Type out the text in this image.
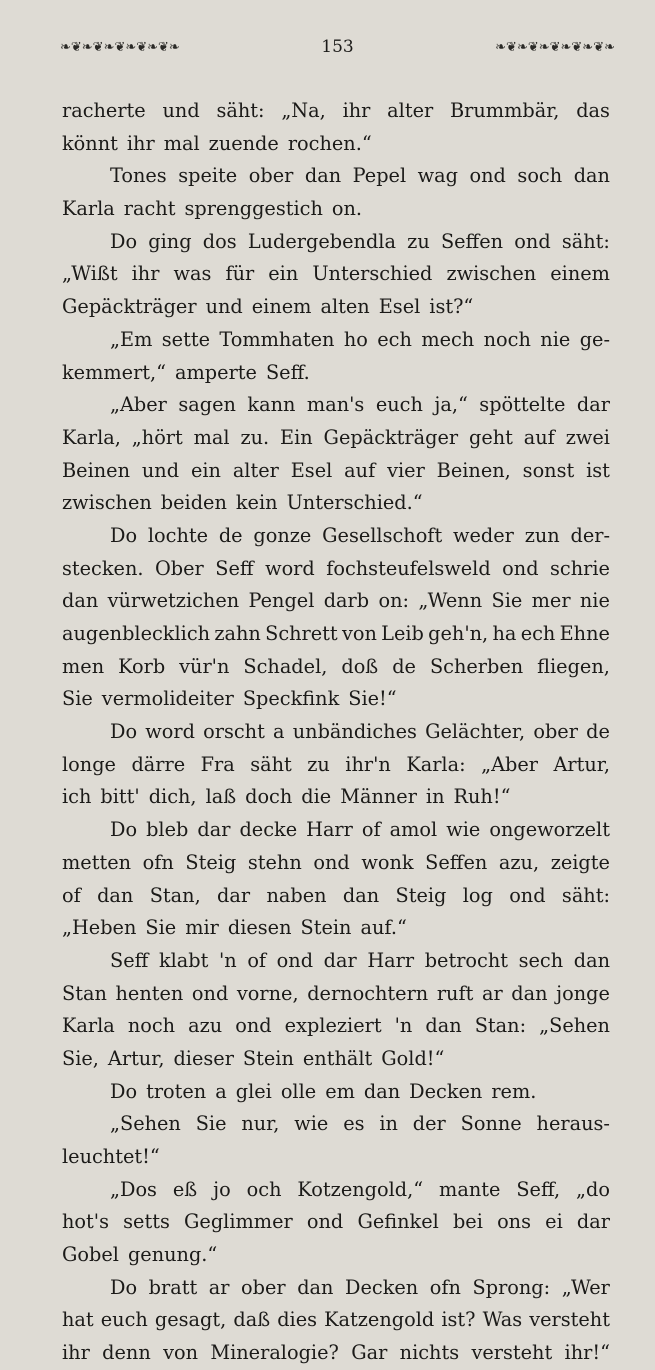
❧❦❧❦❧❦❧❦❧❦❧	153	❧❦❧❦❧❦❧❦❧❦❧
racherte und säht: „Na, ihr alter Brummbär, das
könnt ihr mal zuende rochen.“
Tones speite ober dan Pepel wag ond soch dan
Karla racht sprenggestich on.
Do ging dos Ludergebendla zu Seffen ond säht:
„Wißt ihr was für ein Unterschied zwischen einem
Gepäckträger und einem alten Esel ist?“
„Em sette Tommhaten ho ech mech noch nie ge-
kemmert,“ amperte Seff.
„Aber sagen kann man's euch ja,“ spöttelte dar
Karla, „hört mal zu. Ein Gepäckträger geht auf zwei
Beinen und ein alter Esel auf vier Beinen, sonst ist
zwischen beiden kein Unterschied.“
Do lochte de gonze Gesellschoft weder zun der-
stecken. Ober Seff word fochsteufelsweld ond schrie
dan vürwetzichen Pengel darb on: „Wenn Sie mer nie
augenblecklich zahn Schrett von Leib geh'n, ha ech Ehne
men Korb vür'n Schadel, doß de Scherben fliegen,
Sie vermolideiter Speckfink Sie!“
Do word orscht a unbändiches Gelächter, ober de
longe därre Fra säht zu ihr'n Karla: „Aber Artur,
ich bitt' dich, laß doch die Männer in Ruh!“
Do bleb dar decke Harr of amol wie ongeworzelt
metten ofn Steig stehn ond wonk Seffen azu, zeigte
of dan Stan, dar naben dan Steig log ond säht:
„Heben Sie mir diesen Stein auf.“
Seff klabt 'n of ond dar Harr betrocht sech dan
Stan henten ond vorne, dernochtern ruft ar dan jonge
Karla noch azu ond expleziert 'n dan Stan: „Sehen
Sie, Artur, dieser Stein enthält Gold!“
Do troten a glei olle em dan Decken rem.
„Sehen Sie nur, wie es in der Sonne heraus-
leuchtet!“
„Dos eß jo och Kotzengold,“ mante Seff, „do
hot's setts Geglimmer ond Gefinkel bei ons ei dar
Gobel genung.“
Do bratt ar ober dan Decken ofn Sprong: „Wer
hat euch gesagt, daß dies Katzengold ist? Was versteht
ihr denn von Mineralogie? Gar nichts versteht ihr!“
